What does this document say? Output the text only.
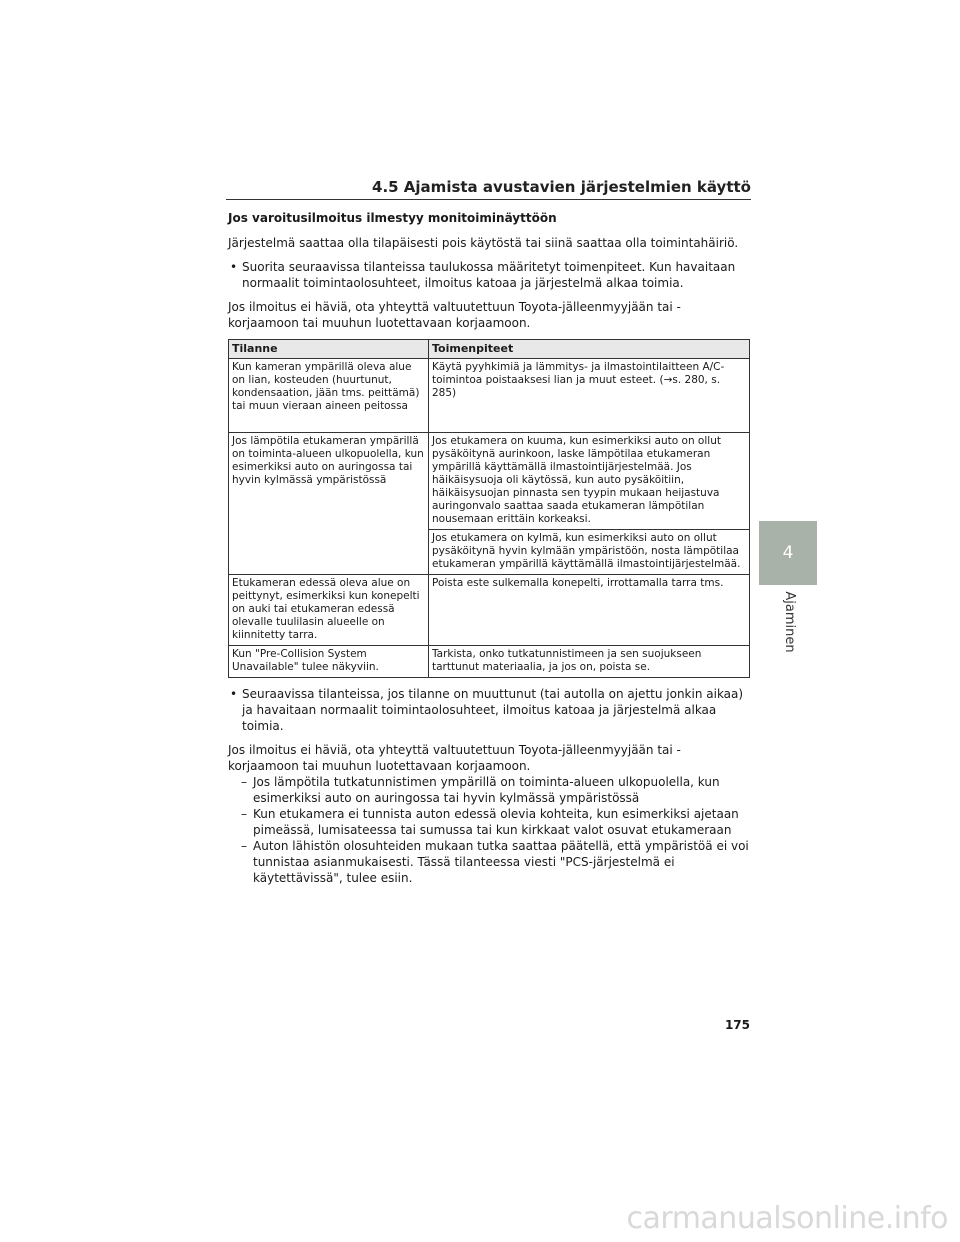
4.5 Ajamista avustavien järjestelmien käyttö
Jos varoitusilmoitus ilmestyy monitoiminäyttöön
Järjestelmä saattaa olla tilapäisesti pois käytöstä tai siinä saattaa olla toimintahäiriö.
• Suorita seuraavissa tilanteissa taulukossa määritetyt toimenpiteet. Kun havaitaan normaalit toimintaolosuhteet, ilmoitus katoaa ja järjestelmä alkaa toimia.
Jos ilmoitus ei häviä, ota yhteyttä valtuutettuun Toyota-jälleenmyyjään tai -korjaamoon tai muuhun luotettavaan korjaamoon.
Tilanne	Toimenpiteet
Kun kameran ympärillä oleva alue on lian, kosteuden (huurtunut, kondensaation, jään tms. peittämä) tai muun vieraan aineen peitossa	Käytä pyyhkimiä ja lämmitys- ja ilmastointilaitteen A/C-toimintoa poistaaksesi lian ja muut esteet. (→s. 280, s. 285)
Jos lämpötila etukameran ympärillä on toiminta-alueen ulkopuolella, kun esimerkiksi auto on auringossa tai hyvin kylmässä ympäristössä	Jos etukamera on kuuma, kun esimerkiksi auto on ollut pysäköitynä aurinkoon, laske lämpötilaa etukameran ympärillä käyttämällä ilmastointijärjestelmää. Jos häikäisysuoja oli käytössä, kun auto pysäköitiin, häikäisysuojan pinnasta sen tyypin mukaan heijastuva auringonvalo saattaa saada etukameran lämpötilan nousemaan erittäin korkeaksi.
	Jos etukamera on kylmä, kun esimerkiksi auto on ollut pysäköitynä hyvin kylmään ympäristöön, nosta lämpötilaa etukameran ympärillä käyttämällä ilmastointijärjestelmää.
Etukameran edessä oleva alue on peittynyt, esimerkiksi kun konepelti on auki tai etukameran edessä olevalle tuulilasin alueelle on kiinnitetty tarra.	Poista este sulkemalla konepelti, irrottamalla tarra tms.
Kun "Pre-Collision System Unavailable" tulee näkyviin.	Tarkista, onko tutkatunnistimeen ja sen suojukseen tarttunut materiaalia, ja jos on, poista se.
• Seuraavissa tilanteissa, jos tilanne on muuttunut (tai autolla on ajettu jonkin aikaa) ja havaitaan normaalit toimintaolosuhteet, ilmoitus katoaa ja järjestelmä alkaa toimia.
Jos ilmoitus ei häviä, ota yhteyttä valtuutettuun Toyota-jälleenmyyjään tai -korjaamoon tai muuhun luotettavaan korjaamoon.
– Jos lämpötila tutkatunnistimen ympärillä on toiminta-alueen ulkopuolella, kun esimerkiksi auto on auringossa tai hyvin kylmässä ympäristössä
– Kun etukamera ei tunnista auton edessä olevia kohteita, kun esimerkiksi ajetaan pimeässä, lumisateessa tai sumussa tai kun kirkkaat valot osuvat etukameraan
– Auton lähistön olosuhteiden mukaan tutka saattaa päätellä, että ympäristöä ei voi tunnistaa asianmukaisesti. Tässä tilanteessa viesti "PCS-järjestelmä ei käytettävissä", tulee esiin.
4
Ajaminen
175
carmanualsonline.info
